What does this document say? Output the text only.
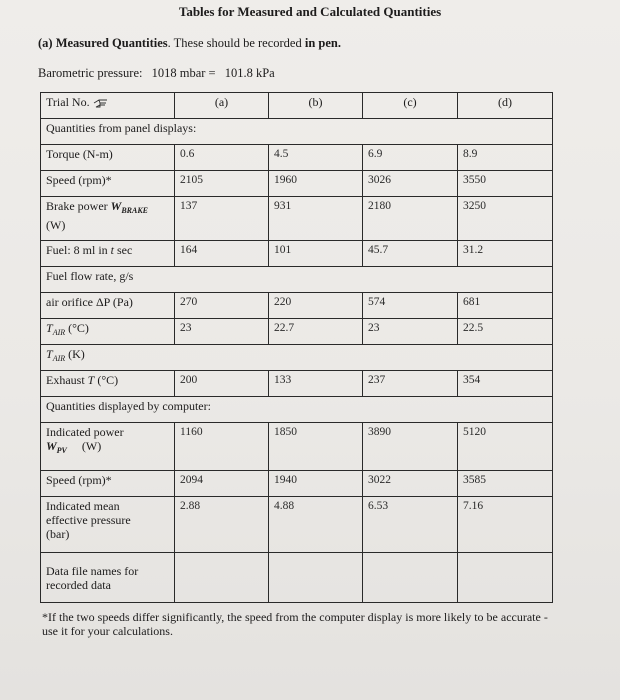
Tables for Measured and Calculated Quantities
(a) Measured Quantities. These should be recorded in pen.
Barometric pressure: 1018 mbar = 101.8 kPa
Trial No.	(a)	(b)	(c)	(d)
Quantities from panel displays:				
Torque (N-m)	0.6	4.5	6.9	8.9
Speed (rpm)*	2105	1960	3026	3550
Brake power $W_{BRAKE}$
(W)	137	931	2180	3250
Fuel: 8 ml in t sec	164	101	45.7	31.2
Fuel flow rate, g/s				
air orifice ΔP (Pa)	270	220	574	681
$T_{AIR}$ (°C)	23	22.7	23	22.5
$T_{AIR}$ (K)				
Exhaust T (°C)	200	133	237	354
Quantities displayed by computer:				
Indicated power
$W_{PV}$ (W)	1160	1850	3890	5120
Speed (rpm)*	2094	1940	3022	3585
Indicated mean
effective pressure
(bar)	2.88	4.88	6.53	7.16
Data file names for
recorded data				
*If the two speeds differ significantly, the speed from the computer display is more likely to be accurate - use it for your calculations.
